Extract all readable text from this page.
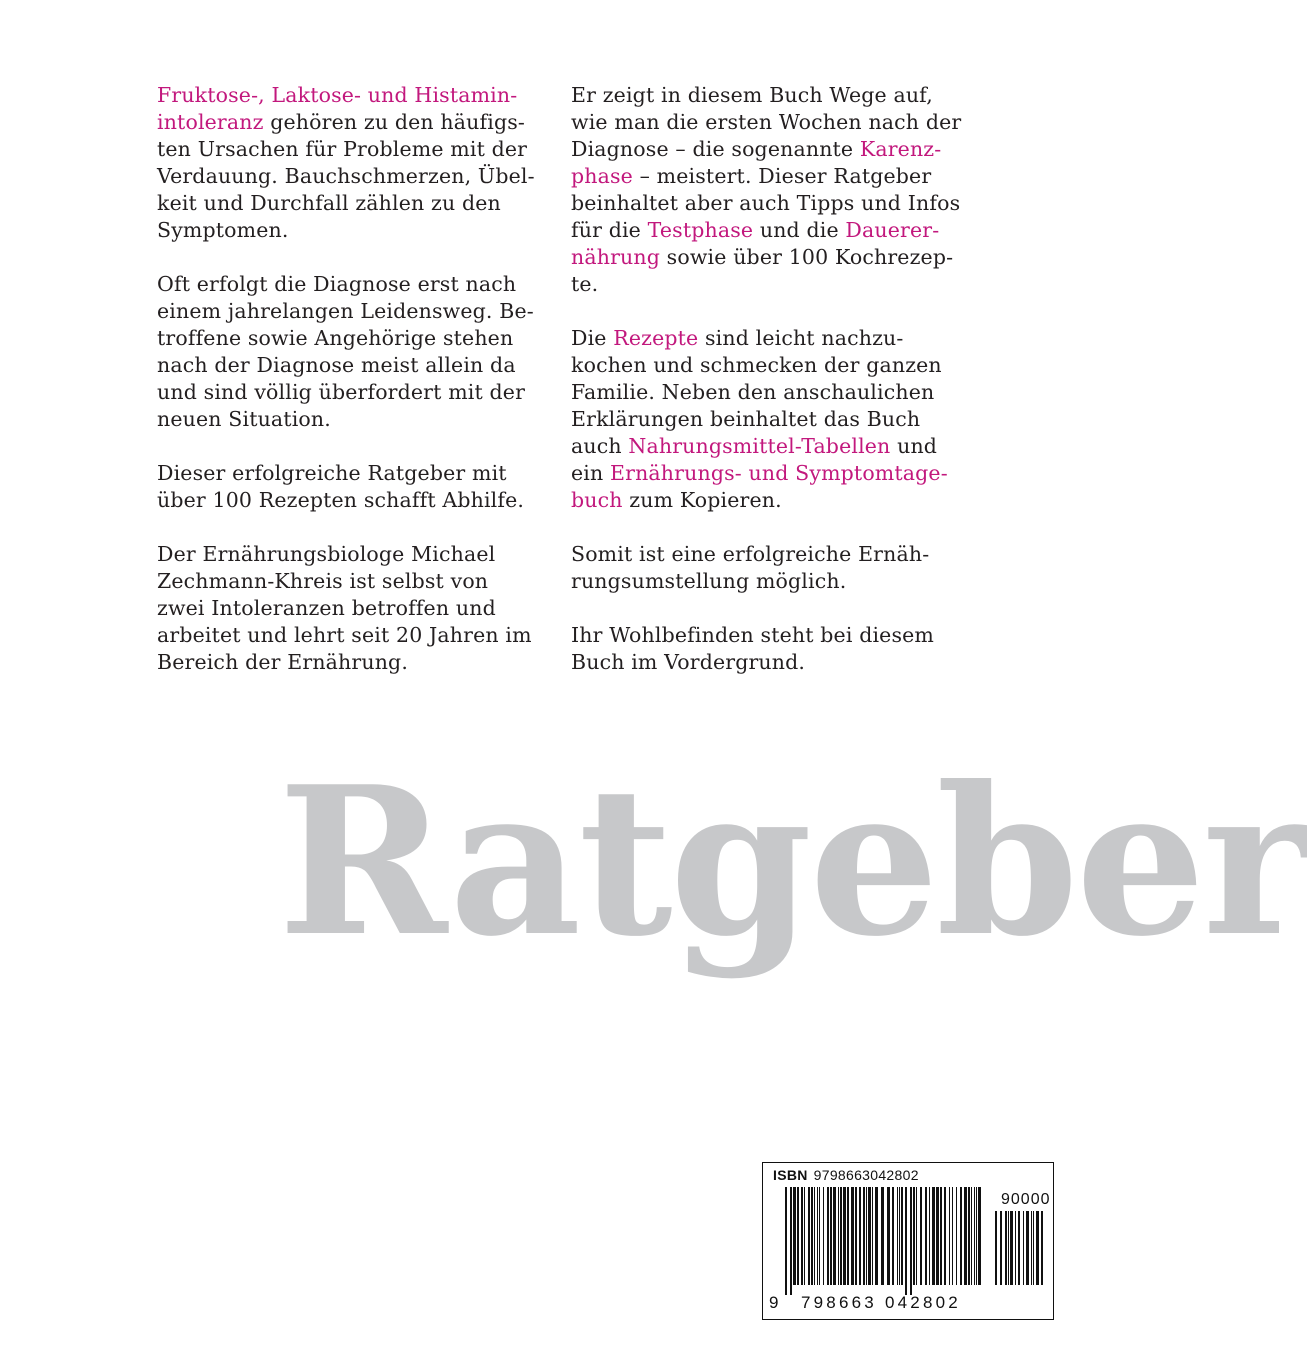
Fruktose-, Laktose- und Histamin-
intoleranz gehören zu den häufigs-
ten Ursachen für Probleme mit der
Verdauung. Bauchschmerzen, Übel-
keit und Durchfall zählen zu den
Symptomen.
Oft erfolgt die Diagnose erst nach
einem jahrelangen Leidensweg. Be-
troffene sowie Angehörige stehen
nach der Diagnose meist allein da
und sind völlig überfordert mit der
neuen Situation.
Dieser erfolgreiche Ratgeber mit
über 100 Rezepten schafft Abhilfe.
Der Ernährungsbiologe Michael
Zechmann-Khreis ist selbst von
zwei Intoleranzen betroffen und
arbeitet und lehrt seit 20 Jahren im
Bereich der Ernährung.
Er zeigt in diesem Buch Wege auf,
wie man die ersten Wochen nach der
Diagnose – die sogenannte Karenz-
phase – meistert. Dieser Ratgeber
beinhaltet aber auch Tipps und Infos
für die Testphase und die Dauerer-
nährung sowie über 100 Kochrezep-
te.
Die Rezepte sind leicht nachzu-
kochen und schmecken der ganzen
Familie. Neben den anschaulichen
Erklärungen beinhaltet das Buch
auch Nahrungsmittel-Tabellen und
ein Ernährungs- und Symptomtage-
buch zum Kopieren.
Somit ist eine erfolgreiche Ernäh-
rungsumstellung möglich.
Ihr Wohlbefinden steht bei diesem
Buch im Vordergrund.
Ratgeber
ISBN 9798663042802
90000
9 798663 042802
